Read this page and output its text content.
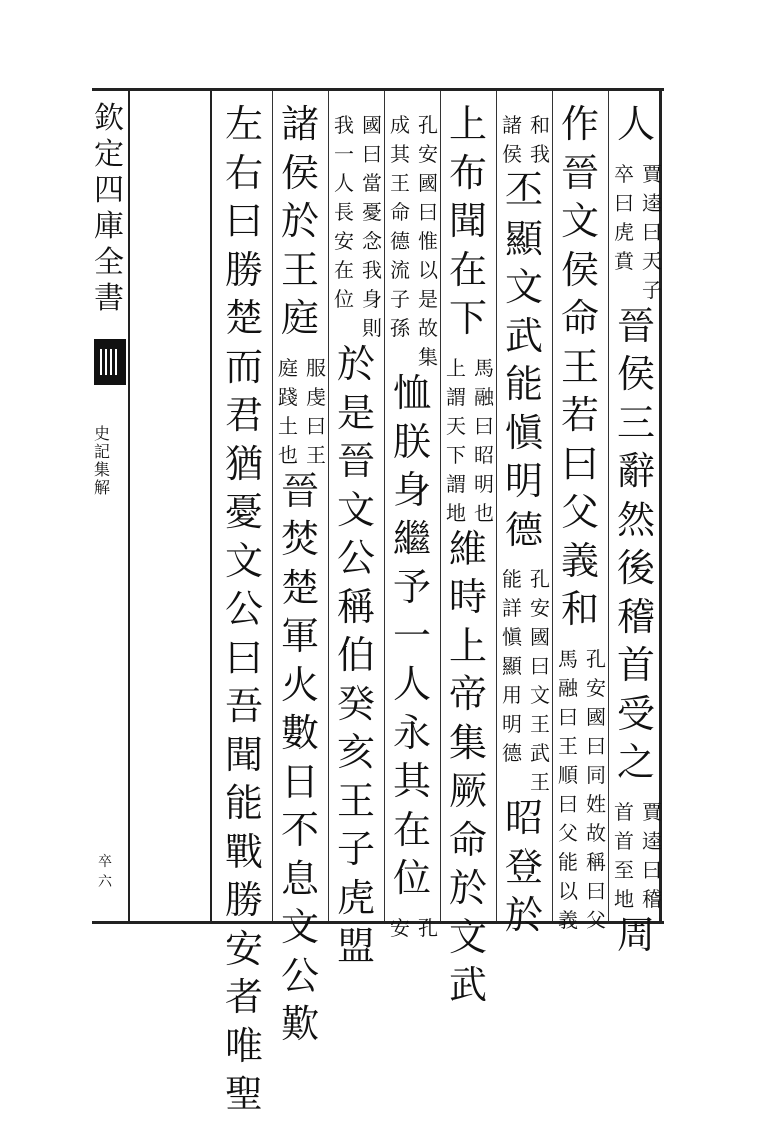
欽
定
四
庫
全
書
史
記
集
解
卒
六
人
賈
逵
曰
天
子
卒
曰
虎
賁
晉
侯
三
辭
然
後
稽
首
受
之
賈
逵
曰
稽
首
首
至
地
周
作
晉
文
侯
命
王
若
曰
父
義
和
孔
安
國
曰
同
姓
故
稱
曰
父
馬
融
曰
王
順
曰
父
能
以
義
和
我
諸
侯
丕
顯
文
武
能
愼
明
德
孔
安
國
曰
文
王
武
王
能
詳
愼
顯
用
明
德
昭
登
於
上
布
聞
在
下
馬
融
曰
昭
明
也
上
謂
天
下
謂
地
維
時
上
帝
集
厥
命
於
文
武
孔
安
國
曰
惟
以
是
故
集
成
其
王
命
德
流
子
孫
恤
朕
身
繼
予
一
人
永
其
在
位
孔
安
國
曰
當
憂
念
我
身
則
我
一
人
長
安
在
位
於
是
晉
文
公
稱
伯
癸
亥
王
子
虎
盟
諸
侯
於
王
庭
服
虔
曰
王
庭
踐
土
也
晉
焚
楚
軍
火
數
日
不
息
文
公
歎
左
右
曰
勝
楚
而
君
猶
憂
文
公
曰
吾
聞
能
戰
勝
安
者
唯
聖
